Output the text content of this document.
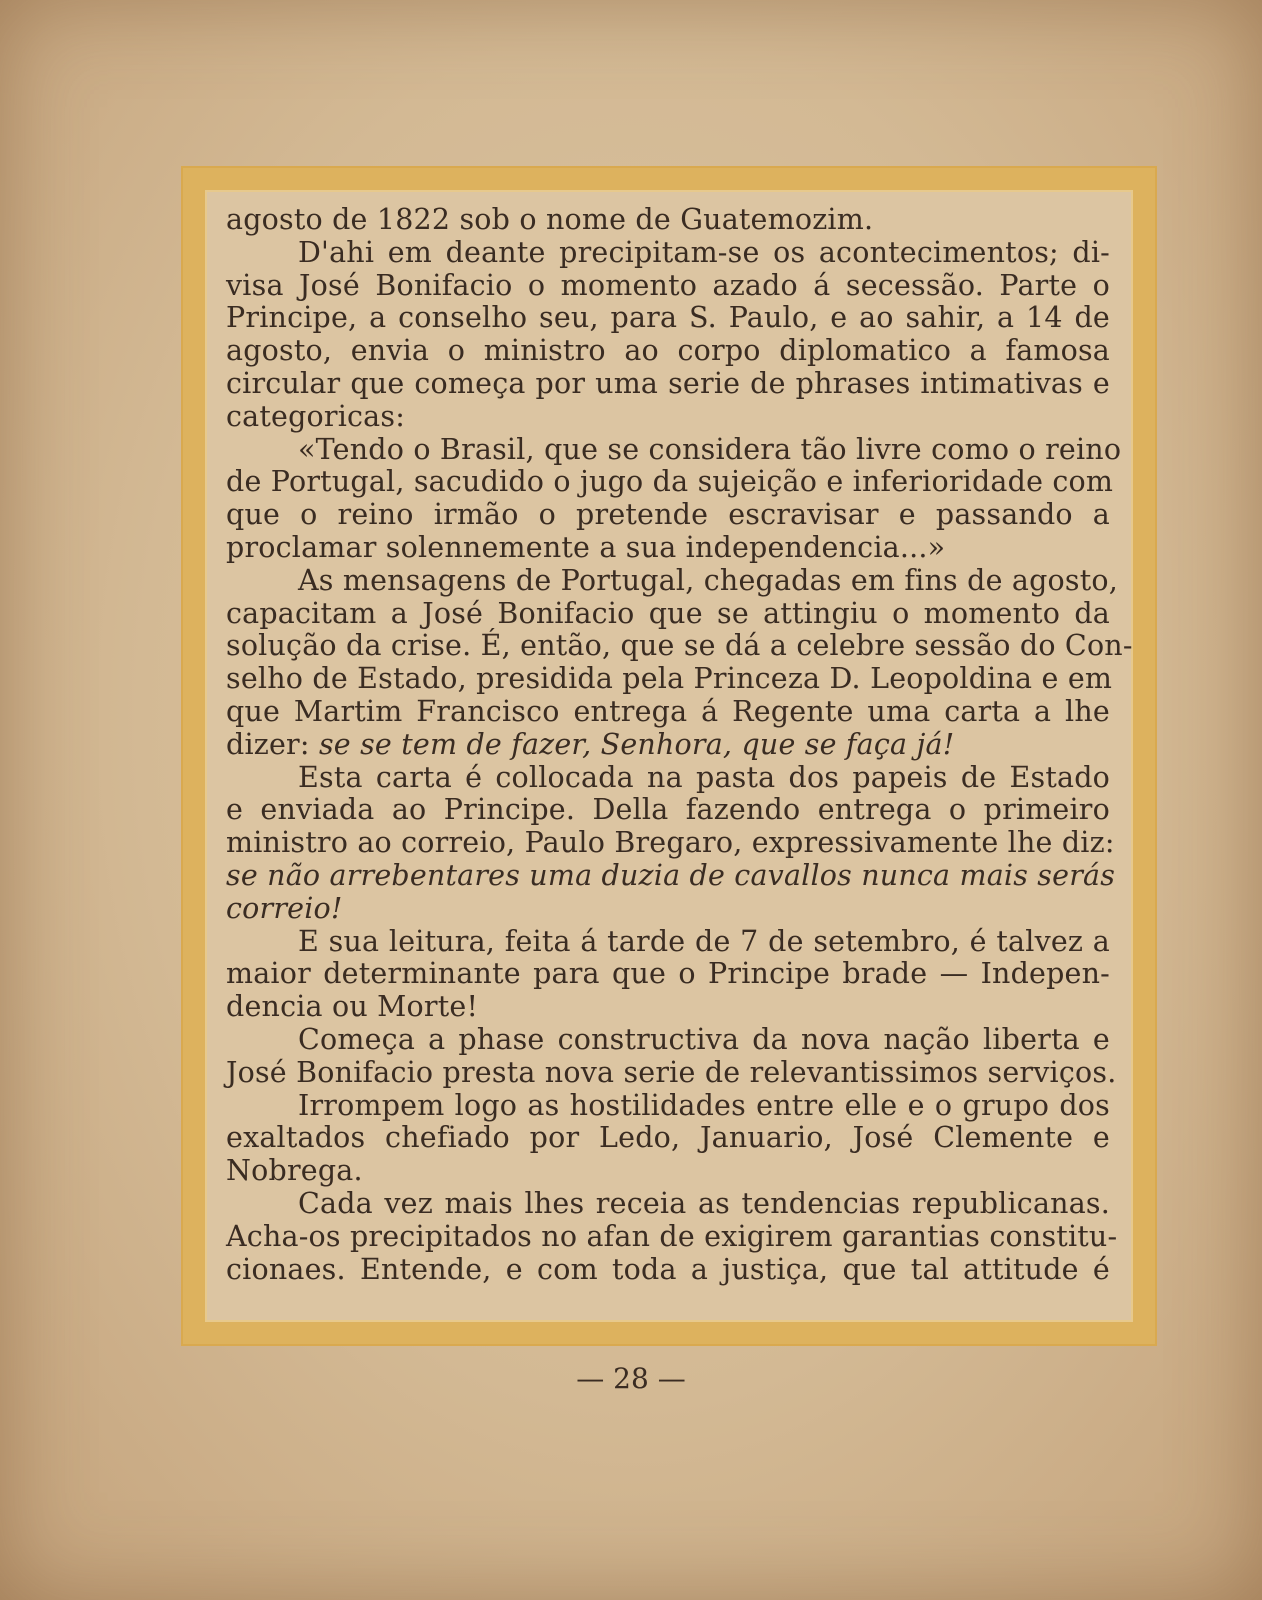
agosto de 1822 sob o nome de Guatemozim.
D'ahi em deante precipitam-se os acontecimentos; di-
visa José Bonifacio o momento azado á secessão. Parte o
Principe, a conselho seu, para S. Paulo, e ao sahir, a 14 de
agosto, envia o ministro ao corpo diplomatico a famosa
circular que começa por uma serie de phrases intimativas e
categoricas:
«Tendo o Brasil, que se considera tão livre como o reino
de Portugal, sacudido o jugo da sujeição e inferioridade com
que o reino irmão o pretende escravisar e passando a
proclamar solennemente a sua independencia...»
As mensagens de Portugal, chegadas em fins de agosto,
capacitam a José Bonifacio que se attingiu o momento da
solução da crise. É, então, que se dá a celebre sessão do Con-
selho de Estado, presidida pela Princeza D. Leopoldina e em
que Martim Francisco entrega á Regente uma carta a lhe
dizer: se se tem de fazer, Senhora, que se faça já!
Esta carta é collocada na pasta dos papeis de Estado
e enviada ao Principe. Della fazendo entrega o primeiro
ministro ao correio, Paulo Bregaro, expressivamente lhe diz:
se não arrebentares uma duzia de cavallos nunca mais serás
correio!
E sua leitura, feita á tarde de 7 de setembro, é talvez a
maior determinante para que o Principe brade — Indepen-
dencia ou Morte!
Começa a phase constructiva da nova nação liberta e
José Bonifacio presta nova serie de relevantissimos serviços.
Irrompem logo as hostilidades entre elle e o grupo dos
exaltados chefiado por Ledo, Januario, José Clemente e
Nobrega.
Cada vez mais lhes receia as tendencias republicanas.
Acha-os precipitados no afan de exigirem garantias constitu-
cionaes. Entende, e com toda a justiça, que tal attitude é
— 28 —
